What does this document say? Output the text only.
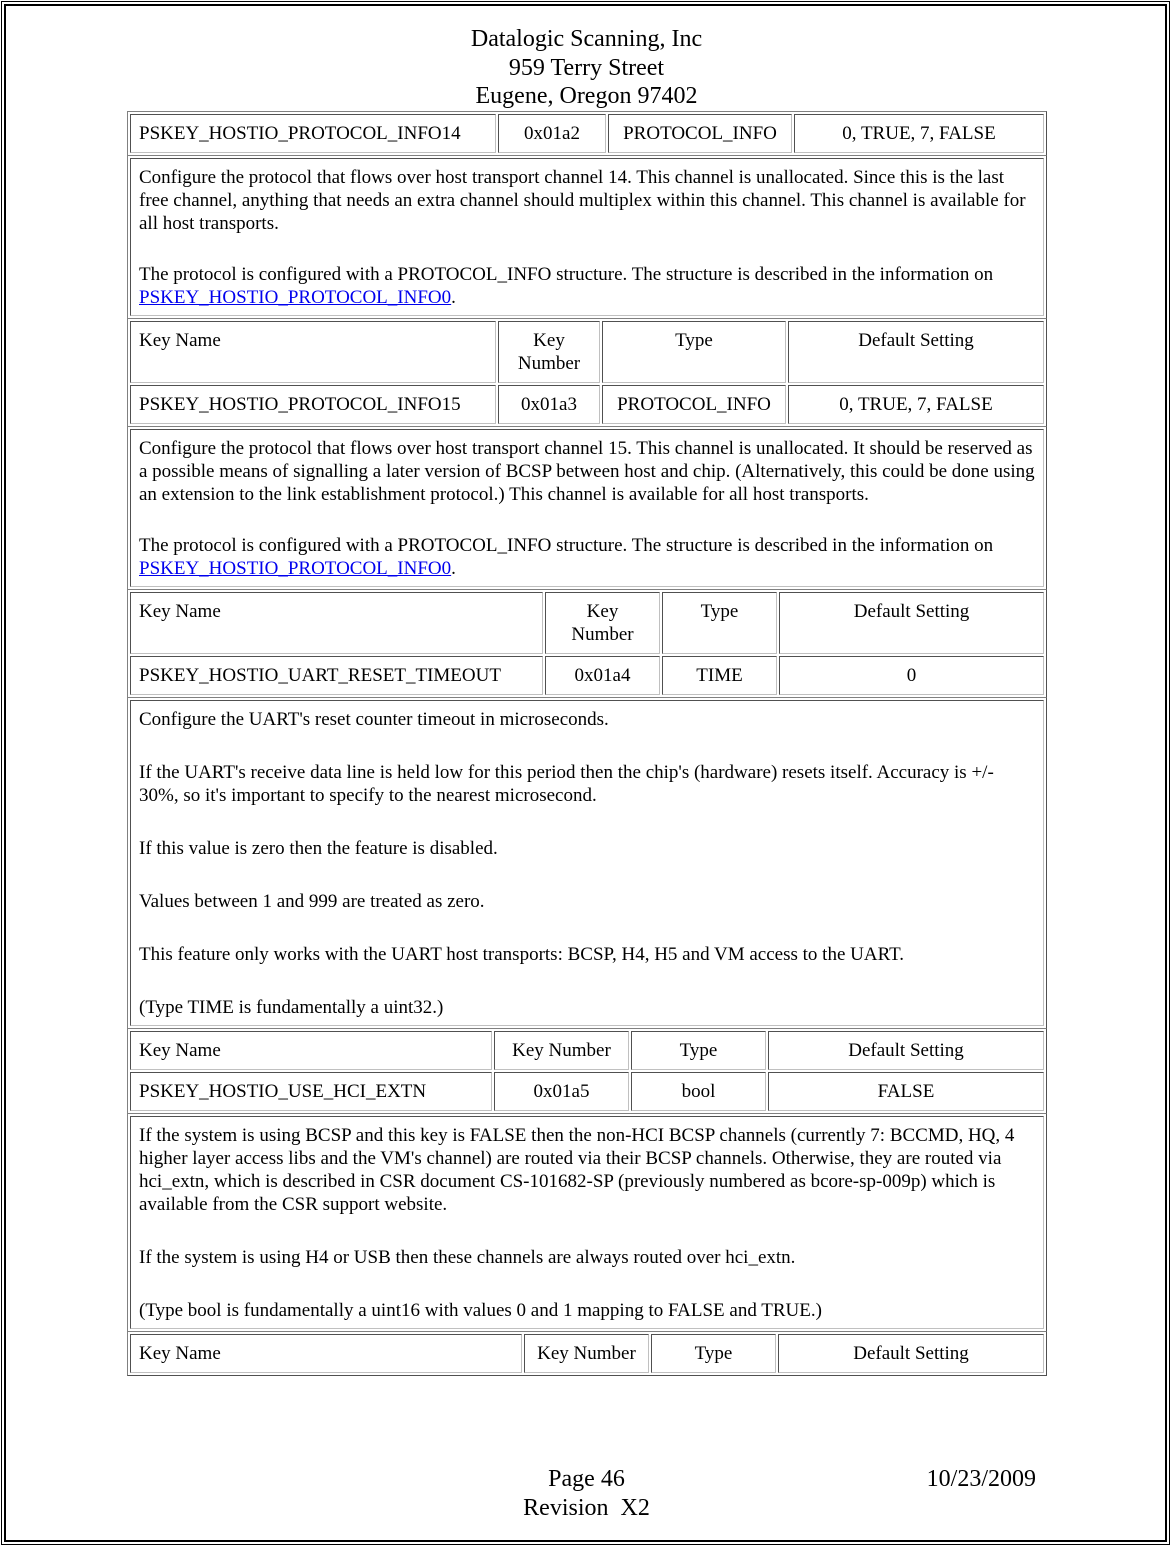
Datalogic Scanning, Inc
959 Terry Street
Eugene, Oregon 97402
PSKEY_HOSTIO_PROTOCOL_INFO14	0x01a2	PROTOCOL_INFO	0, TRUE, 7, FALSE

Configure the protocol that flows over host transport channel 14. This channel is unallocated. Since this is the last free channel, anything that needs an extra channel should multiplex within this channel. This channel is available for all host transports.

The protocol is configured with a PROTOCOL_INFO structure. The structure is described in the information on PSKEY_HOSTIO_PROTOCOL_INFO0.

Key Name	Key Number	Type	Default Setting
PSKEY_HOSTIO_PROTOCOL_INFO15	0x01a3	PROTOCOL_INFO	0, TRUE, 7, FALSE

Configure the protocol that flows over host transport channel 15. This channel is unallocated. It should be reserved as a possible means of signalling a later version of BCSP between host and chip. (Alternatively, this could be done using an extension to the link establishment protocol.) This channel is available for all host transports.

The protocol is configured with a PROTOCOL_INFO structure. The structure is described in the information on PSKEY_HOSTIO_PROTOCOL_INFO0.

Key Name	Key Number	Type	Default Setting
PSKEY_HOSTIO_UART_RESET_TIMEOUT	0x01a4	TIME	0

Configure the UART's reset counter timeout in microseconds.

If the UART's receive data line is held low for this period then the chip's (hardware) resets itself. Accuracy is +/- 30%, so it's important to specify to the nearest microsecond.

If this value is zero then the feature is disabled.

Values between 1 and 999 are treated as zero.

This feature only works with the UART host transports: BCSP, H4, H5 and VM access to the UART.

(Type TIME is fundamentally a uint32.)

Key Name	Key Number	Type	Default Setting
PSKEY_HOSTIO_USE_HCI_EXTN	0x01a5	bool	FALSE

If the system is using BCSP and this key is FALSE then the non-HCI BCSP channels (currently 7: BCCMD, HQ, 4 higher layer access libs and the VM's channel) are routed via their BCSP channels. Otherwise, they are routed via hci_extn, which is described in CSR document CS-101682-SP (previously numbered as bcore-sp-009p) which is available from the CSR support website.

If the system is using H4 or USB then these channels are always routed over hci_extn.

(Type bool is fundamentally a uint16 with values 0 and 1 mapping to FALSE and TRUE.)

Key Name	Key Number	Type	Default Setting
Page 46
Revision  X2
10/23/2009
